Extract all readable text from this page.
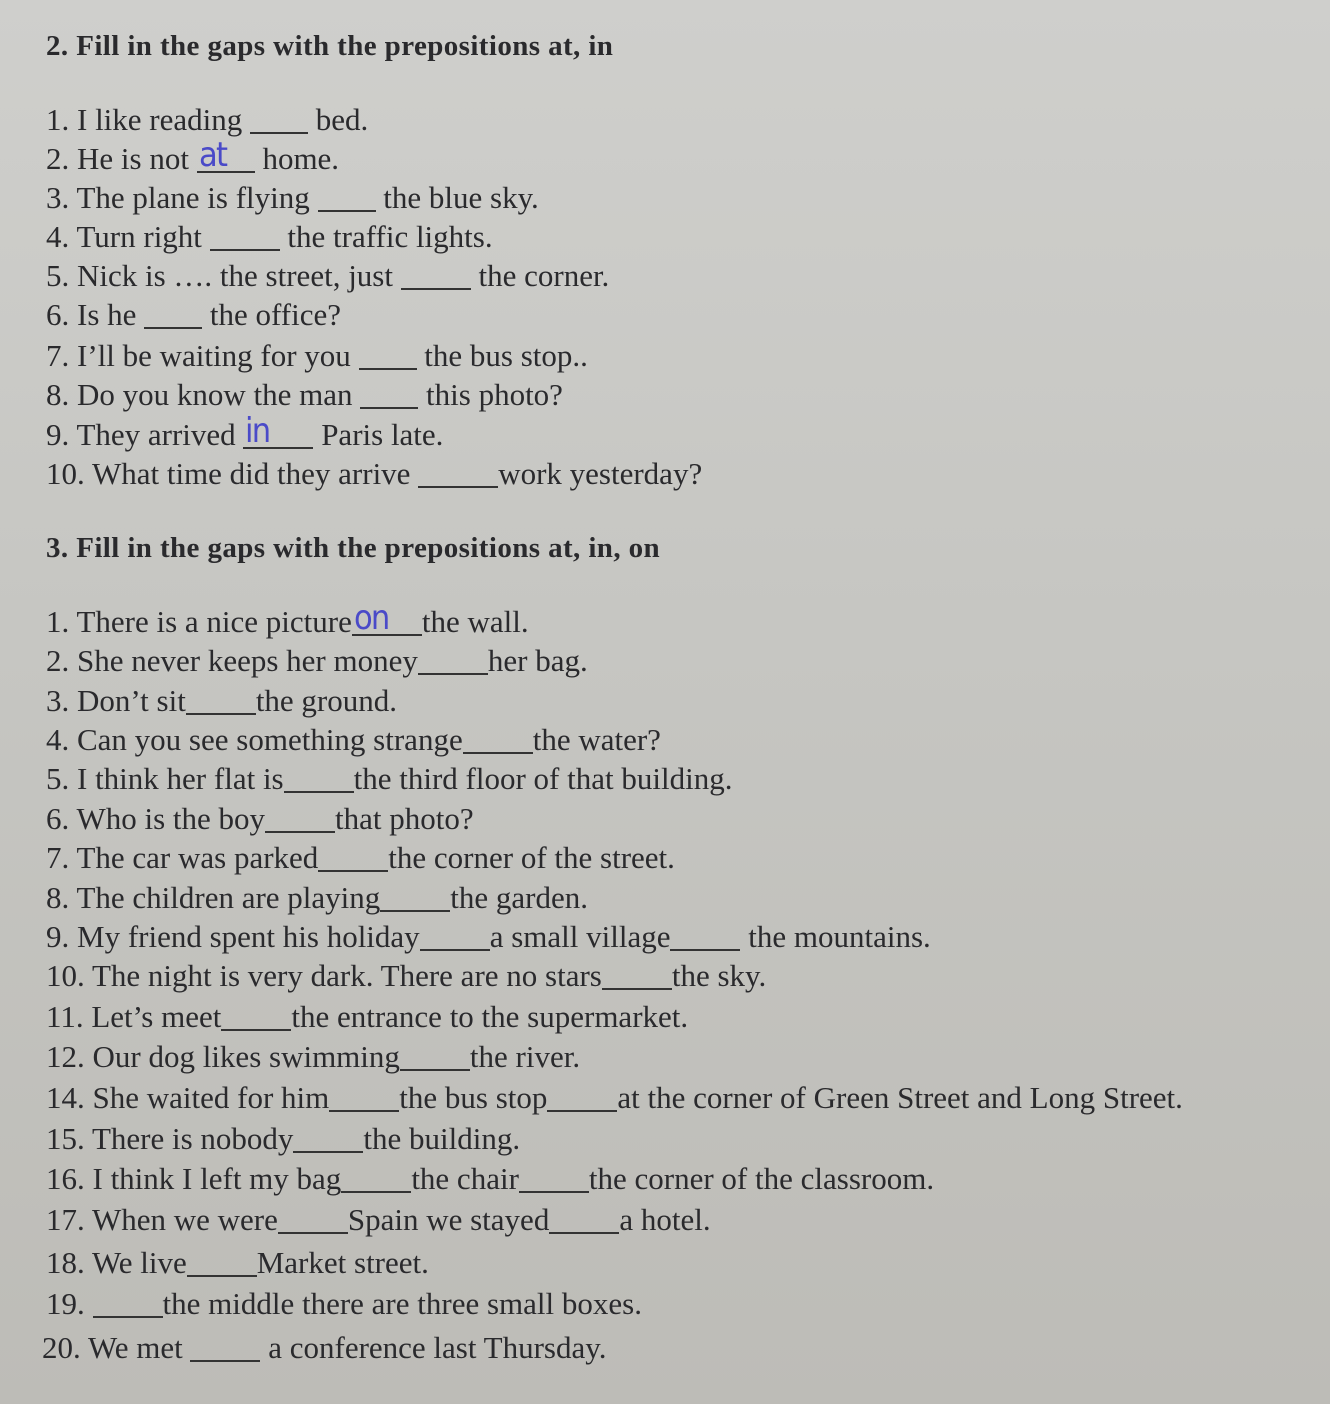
2. Fill in the gaps with the prepositions at, in
1. I like reading bed.
2. He is not at home.
3. The plane is flying the blue sky.
4. Turn right	the traffic lights.
5. Nick is …. the street, just	the corner.
6. Is he the office?
7. I’ll be waiting for you the bus stop..
8. Do you know the man this photo?
9. They arrived in Paris late.
10. What time did they arrive	work yesterday?
3. Fill in the gaps with the prepositions at, in, on
1. There is a nice picture on the wall.
2. She never keeps her money her bag.
3. Don’t sit the ground.
4. Can you see something strange the water?
5. I think her flat is the third floor of that building.
6. Who is the boy that photo?
7. The car was parked the corner of the street.
8. The children are playing the garden.
9. My friend spent his holiday a small village	the mountains.
10. The night is very dark. There are no stars the sky.
11. Let’s meet the entrance to the supermarket.
12. Our dog likes swimming the river.
14. She waited for him the bus stop at the corner of Green Street and Long Street.
15. There is nobody the building.
16. I think I left my bag the chair the corner of the classroom.
17. When we were Spain we stayed a hotel.
18. We live Market street.
19.	the middle there are three small boxes.
20. We met	a conference last Thursday.
